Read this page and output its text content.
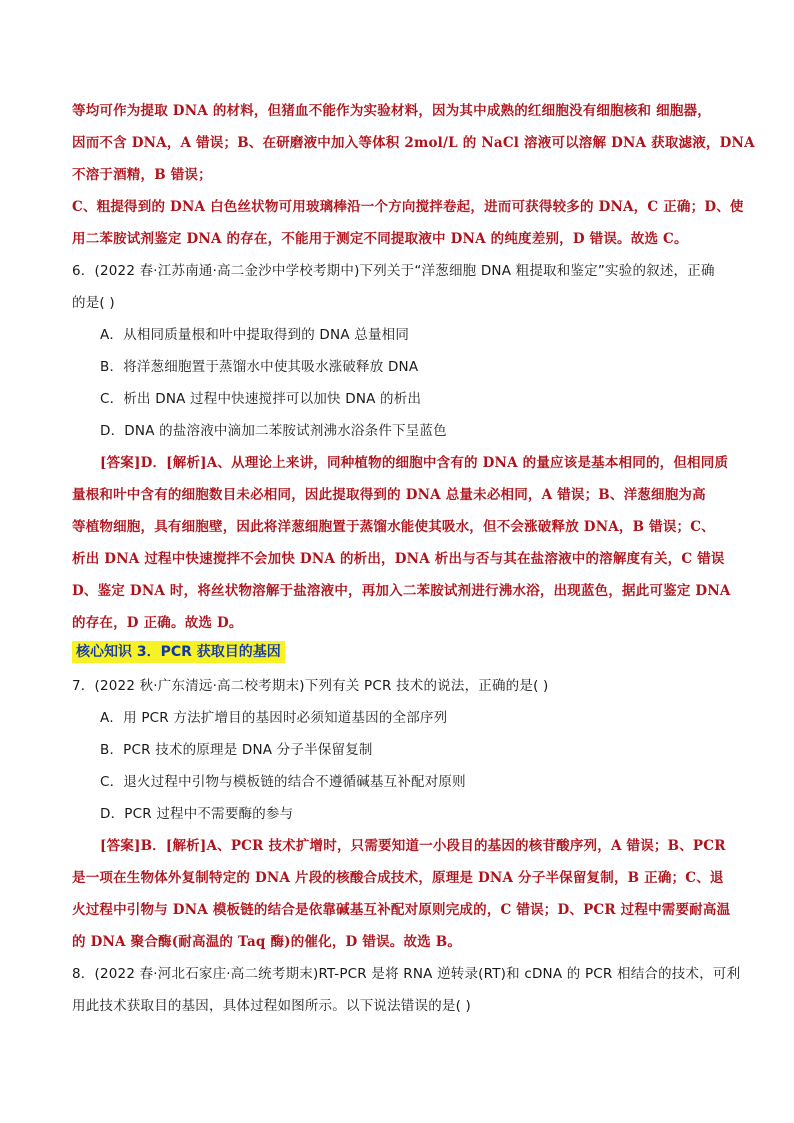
等均可作为提取 DNA 的材料，但猪血不能作为实验材料，因为其中成熟的红细胞没有细胞核和 细胞器，
因而不含 DNA，A 错误；B、在研磨液中加入等体积 2mol/L 的 NaCl 溶液可以溶解 DNA 获取滤液，DNA
不溶于酒精，B 错误；
C、粗提得到的 DNA 白色丝状物可用玻璃棒沿一个方向搅拌卷起，进而可获得较多的 DNA，C 正确；D、使
用二苯胺试剂鉴定 DNA 的存在，不能用于测定不同提取液中 DNA 的纯度差别，D 错误。故选 C。
6．(2022 春·江苏南通·高二金沙中学校考期中)下列关于“洋葱细胞 DNA 粗提取和鉴定”实验的叙述，正确
的是( )
A．从相同质量根和叶中提取得到的 DNA 总量相同
B．将洋葱细胞置于蒸馏水中使其吸水涨破释放 DNA
C．析出 DNA 过程中快速搅拌可以加快 DNA 的析出
D．DNA 的盐溶液中滴加二苯胺试剂沸水浴条件下呈蓝色
[答案]D．[解析]A、从理论上来讲，同种植物的细胞中含有的 DNA 的量应该是基本相同的，但相同质
量根和叶中含有的细胞数目未必相同，因此提取得到的 DNA 总量未必相同，A 错误；B、洋葱细胞为高
等植物细胞，具有细胞壁，因此将洋葱细胞置于蒸馏水能使其吸水，但不会涨破释放 DNA，B 错误；C、
析出 DNA 过程中快速搅拌不会加快 DNA 的析出，DNA 析出与否与其在盐溶液中的溶解度有关，C 错误
D、鉴定 DNA 时，将丝状物溶解于盐溶液中，再加入二苯胺试剂进行沸水浴，出现蓝色，据此可鉴定 DNA
的存在，D 正确。故选 D。
核心知识 3．PCR 获取目的基因
7．(2022 秋·广东清远·高二校考期末)下列有关 PCR 技术的说法，正确的是( )
A．用 PCR 方法扩增目的基因时必须知道基因的全部序列
B．PCR 技术的原理是 DNA 分子半保留复制
C．退火过程中引物与模板链的结合不遵循碱基互补配对原则
D．PCR 过程中不需要酶的参与
[答案]B．[解析]A、PCR 技术扩增时，只需要知道一小段目的基因的核苷酸序列，A 错误；B、PCR
是一项在生物体外复制特定的 DNA 片段的核酸合成技术，原理是 DNA 分子半保留复制，B 正确；C、退
火过程中引物与 DNA 模板链的结合是依靠碱基互补配对原则完成的，C 错误；D、PCR 过程中需要耐高温
的 DNA 聚合酶(耐高温的 Taq 酶)的催化，D 错误。故选 B。
8．(2022 春·河北石家庄·高二统考期末)RT-PCR 是将 RNA 逆转录(RT)和 cDNA 的 PCR 相结合的技术，可利
用此技术获取目的基因，具体过程如图所示。以下说法错误的是( )
